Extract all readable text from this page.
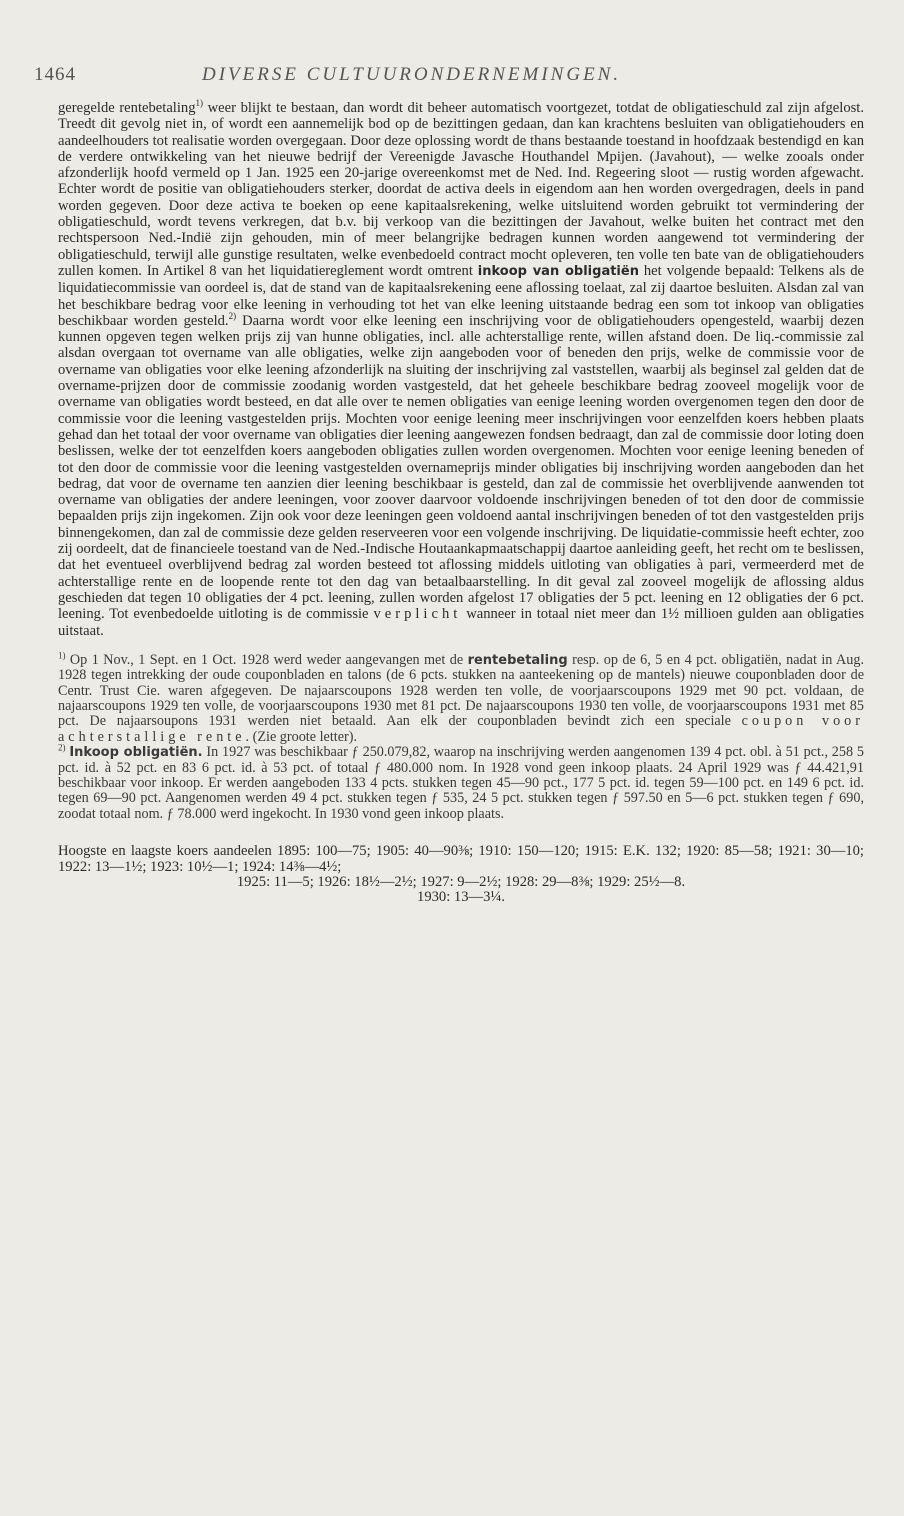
1464	DIVERSE CULTUURONDERNEMINGEN.

geregelde rentebetaling$^{1)}$ weer blijkt te bestaan, dan wordt dit beheer automatisch voortgezet, totdat de obligatieschuld zal zijn afgelost. Treedt dit gevolg niet in, of wordt een aannemelijk bod op de bezittingen gedaan, dan kan krachtens besluiten van obligatiehouders en aandeelhouders tot realisatie worden overgegaan. Door deze oplossing wordt de thans bestaande toestand in hoofdzaak bestendigd en kan de verdere ontwikkeling van het nieuwe bedrijf der Vereenigde Javasche Houthandel Mpijen. (Javahout), — welke zooals onder afzonderlijk hoofd vermeld op 1 Jan. 1925 een 20-jarige overeenkomst met de Ned. Ind. Regeering sloot — rustig worden afgewacht. Echter wordt de positie van obligatiehouders sterker, doordat de activa deels in eigendom aan hen worden overgedragen, deels in pand worden gegeven. Door deze activa te boeken op eene kapitaalsrekening, welke uitsluitend worden gebruikt tot vermindering der obligatieschuld, wordt tevens verkregen, dat b.v. bij verkoop van die bezittingen der Javahout, welke buiten het contract met den rechtspersoon Ned.-Indië zijn gehouden, min of meer belangrijke bedragen kunnen worden aangewend tot vermindering der obligatieschuld, terwijl alle gunstige resultaten, welke evenbedoeld contract mocht opleveren, ten volle ten bate van de obligatiehouders zullen komen. In Artikel 8 van het liquidatiereglement wordt omtrent inkoop van obligatiën het volgende bepaald: Telkens als de liquidatiecommissie van oordeel is, dat de stand van de kapitaalsrekening eene aflossing toelaat, zal zij daartoe besluiten. Alsdan zal van het beschikbare bedrag voor elke leening in verhouding tot het van elke leening uitstaande bedrag een som tot inkoop van obligaties beschikbaar worden gesteld.$^{2)}$ Daarna wordt voor elke leening een inschrijving voor de obligatiehouders opengesteld, waarbij dezen kunnen opgeven tegen welken prijs zij van hunne obligaties, incl. alle achterstallige rente, willen afstand doen. De liq.-commissie zal alsdan overgaan tot overname van alle obligaties, welke zijn aangeboden voor of beneden den prijs, welke de commissie voor de overname van obligaties voor elke leening afzonderlijk na sluiting der inschrijving zal vaststellen, waarbij als beginsel zal gelden dat de overname-prijzen door de commissie zoodanig worden vastgesteld, dat het geheele beschikbare bedrag zooveel mogelijk voor de overname van obligaties wordt besteed, en dat alle over te nemen obligaties van eenige leening worden overgenomen tegen den door de commissie voor die leening vastgestelden prijs. Mochten voor eenige leening meer inschrijvingen voor eenzelfden koers hebben plaats gehad dan het totaal der voor overname van obligaties dier leening aangewezen fondsen bedraagt, dan zal de commissie door loting doen beslissen, welke der tot eenzelfden koers aangeboden obligaties zullen worden overgenomen. Mochten voor eenige leening beneden of tot den door de commissie voor die leening vastgestelden overnameprijs minder obligaties bij inschrijving worden aangeboden dan het bedrag, dat voor de overname ten aanzien dier leening beschikbaar is gesteld, dan zal de commissie het overblijvende aanwenden tot overname van obligaties der andere leeningen, voor zoover daarvoor voldoende inschrijvingen beneden of tot den door de commissie bepaalden prijs zijn ingekomen. Zijn ook voor deze leeningen geen voldoend aantal inschrijvingen beneden of tot den vastgestelden prijs binnengekomen, dan zal de commissie deze gelden reserveeren voor een volgende inschrijving. De liquidatie-commissie heeft echter, zoo zij oordeelt, dat de financieele toestand van de Ned.-Indische Houtaankapmaatschappij daartoe aanleiding geeft, het recht om te beslissen, dat het eventueel overblijvend bedrag zal worden besteed tot aflossing middels uitloting van obligaties à pari, vermeerderd met de achterstallige rente en de loopende rente tot den dag van betaalbaarstelling. In dit geval zal zooveel mogelijk de aflossing aldus geschieden dat tegen 10 obligaties der 4 pct. leening, zullen worden afgelost 17 obligaties der 5 pct. leening en 12 obligaties der 6 pct. leening. Tot evenbedoelde uitloting is de commissie verplicht wanneer in totaal niet meer dan 1½ millioen gulden aan obligaties uitstaat.

$^{1)}$ Op 1 Nov., 1 Sept. en 1 Oct. 1928 werd weder aangevangen met de rentebetaling resp. op de 6, 5 en 4 pct. obligatiën, nadat in Aug. 1928 tegen intrekking der oude couponbladen en talons (de 6 pcts. stukken na aanteekening op de mantels) nieuwe couponbladen door de Centr. Trust Cie. waren afgegeven. De najaarscoupons 1928 werden ten volle, de voorjaarscoupons 1929 met 90 pct. voldaan, de najaarscoupons 1929 ten volle, de voorjaarscoupons 1930 met 81 pct. De najaarscoupons 1930 ten volle, de voorjaarscoupons 1931 met 85 pct. De najaarsoupons 1931 werden niet betaald. Aan elk der couponbladen bevindt zich een speciale coupon voor achterstallige rente. (Zie groote letter).

$^{2)}$ Inkoop obligatiën. In 1927 was beschikbaar ƒ 250.079,82, waarop na inschrijving werden aangenomen 139 4 pct. obl. à 51 pct., 258 5 pct. id. à 52 pct. en 83 6 pct. id. à 53 pct. of totaal ƒ 480.000 nom. In 1928 vond geen inkoop plaats. 24 April 1929 was ƒ 44.421,91 beschikbaar voor inkoop. Er werden aangeboden 133 4 pcts. stukken tegen 45—90 pct., 177 5 pct. id. tegen 59—100 pct. en 149 6 pct. id. tegen 69—90 pct. Aangenomen werden 49 4 pct. stukken tegen ƒ 535, 24 5 pct. stukken tegen ƒ 597.50 en 5—6 pct. stukken tegen ƒ 690, zoodat totaal nom. ƒ 78.000 werd ingekocht. In 1930 vond geen inkoop plaats.

Hoogste en laagste koers aandeelen 1895: 100—75; 1905: 40—90⅜; 1910: 150—120; 1915: E.K. 132; 1920: 85—58; 1921: 30—10; 1922: 13—1½; 1923: 10½—1; 1924: 14⅜—4½;

1925: 11—5; 1926: 18½—2½; 1927: 9—2½; 1928: 29—8⅜; 1929: 25½—8.

1930: 13—3¼.
